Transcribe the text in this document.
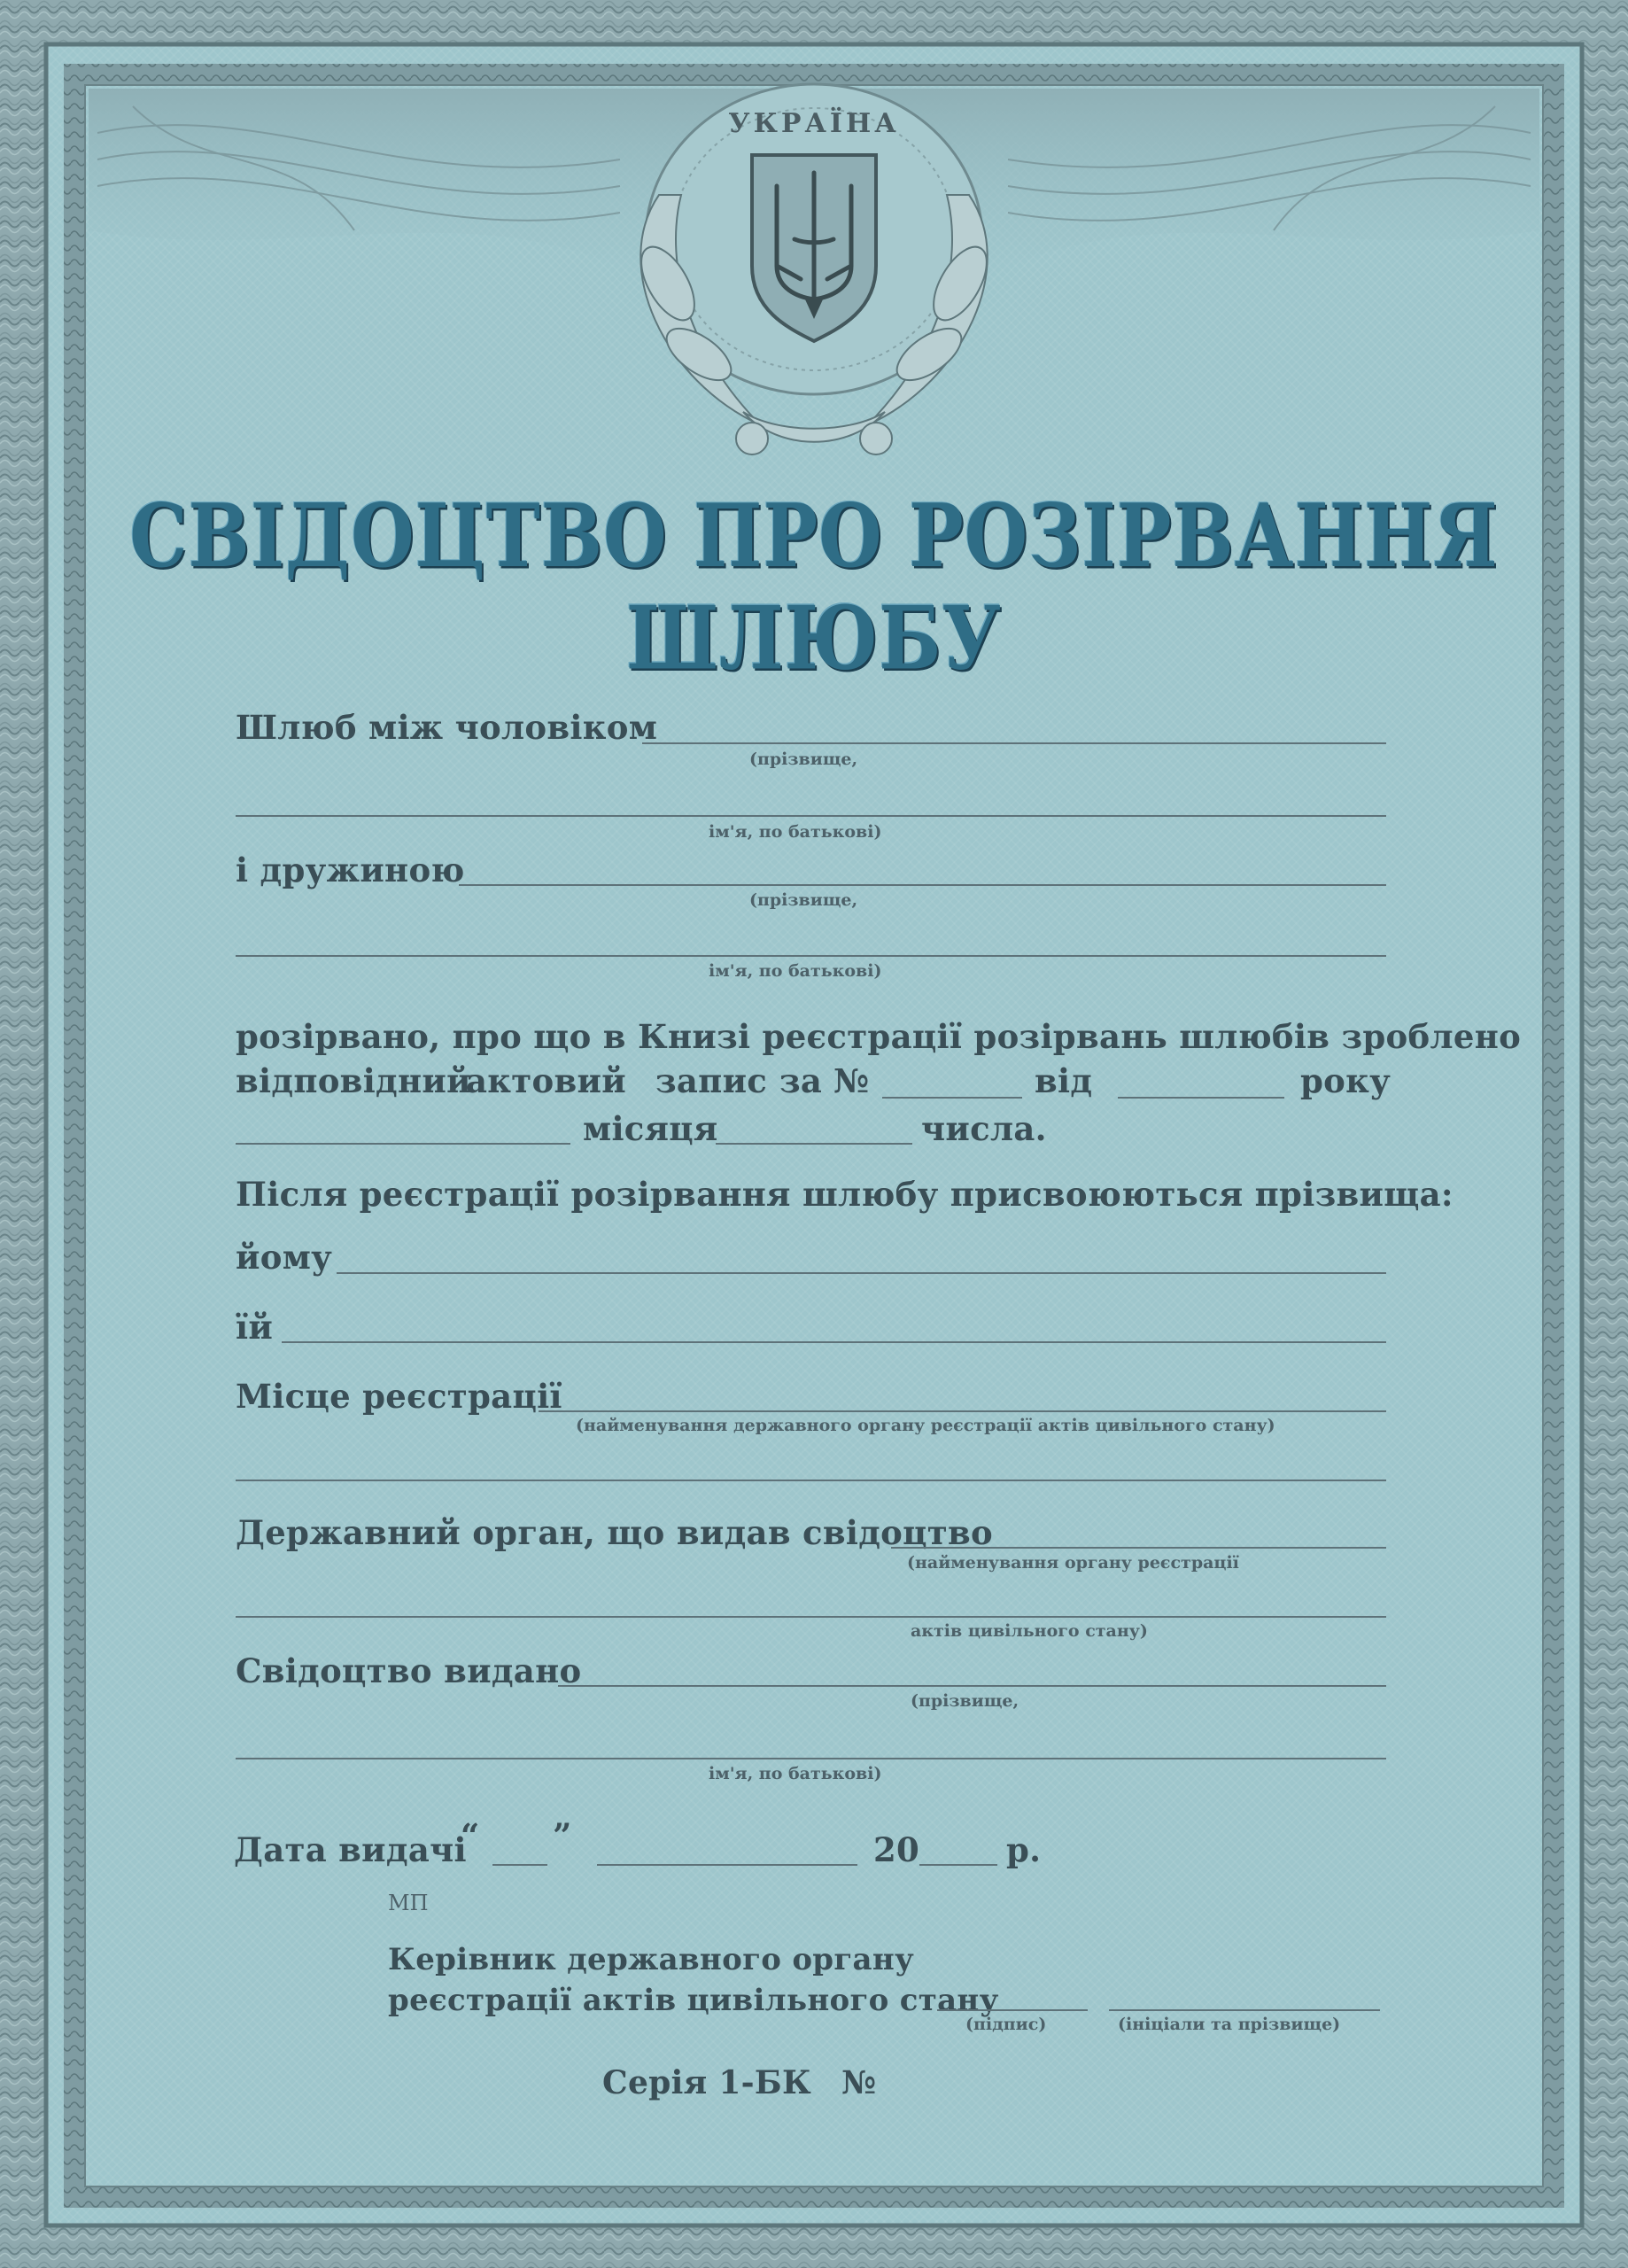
УКРАЇНА
СВІДОЦТВО ПРО РОЗІРВАННЯ ШЛЮБУ
Шлюб між чоловіком
(прізвище,
ім'я, по батькові)
і дружиною
(прізвище,
ім'я, по батькові)
розірвано, про що в Книзі реєстрації розірвань шлюбів зроблено
відповідний
актовий запис за №	від	року
місяця	числа.
Після реєстрації розірвання шлюбу присвоюються прізвища:
йому
їй
Місце реєстрації
(найменування державного органу реєстрації актів цивільного стану)
Державний орган, що видав свідоцтво
(найменування органу реєстрації
актів цивільного стану)
Свідоцтво видано
(прізвище,
ім'я, по батькові)
Дата видачі
“ ”	20	р.
МП
Керівник державного органу
реєстрації актів цивільного стану
(підпис)	(ініціали та прізвище)
Серія 1-БК №
